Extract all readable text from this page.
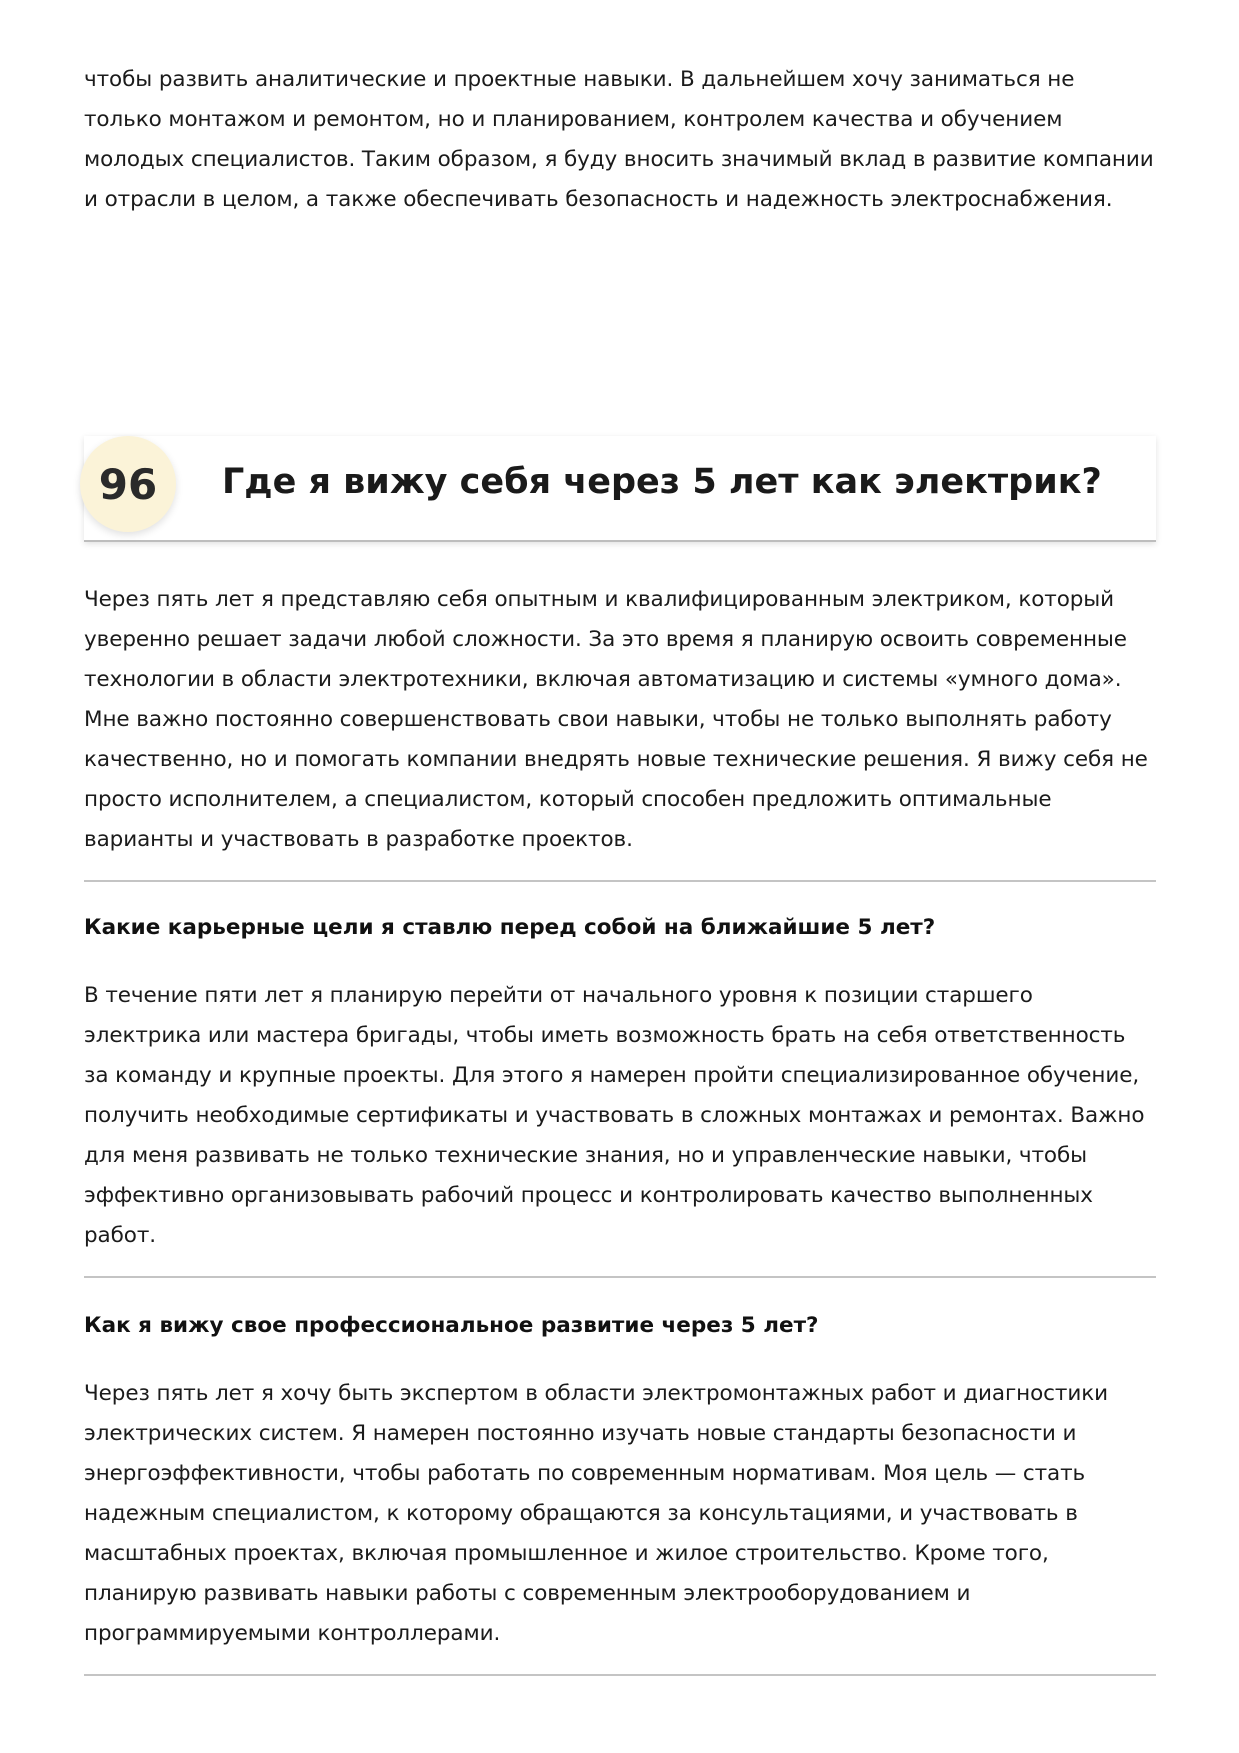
чтобы развить аналитические и проектные навыки. В дальнейшем хочу заниматься не только монтажом и ремонтом, но и планированием, контролем качества и обучением молодых специалистов. Таким образом, я буду вносить значимый вклад в развитие компании и отрасли в целом, а также обеспечивать безопасность и надежность электроснабжения.

96	Где я вижу себя через 5 лет как электрик?

Через пять лет я представляю себя опытным и квалифицированным электриком, который уверенно решает задачи любой сложности. За это время я планирую освоить современные технологии в области электротехники, включая автоматизацию и системы «умного дома». Мне важно постоянно совершенствовать свои навыки, чтобы не только выполнять работу качественно, но и помогать компании внедрять новые технические решения. Я вижу себя не просто исполнителем, а специалистом, который способен предложить оптимальные варианты и участвовать в разработке проектов.

Какие карьерные цели я ставлю перед собой на ближайшие 5 лет?

В течение пяти лет я планирую перейти от начального уровня к позиции старшего электрика или мастера бригады, чтобы иметь возможность брать на себя ответственность за команду и крупные проекты. Для этого я намерен пройти специализированное обучение, получить необходимые сертификаты и участвовать в сложных монтажах и ремонтах. Важно для меня развивать не только технические знания, но и управленческие навыки, чтобы эффективно организовывать рабочий процесс и контролировать качество выполненных работ.

Как я вижу свое профессиональное развитие через 5 лет?

Через пять лет я хочу быть экспертом в области электромонтажных работ и диагностики электрических систем. Я намерен постоянно изучать новые стандарты безопасности и энергоэффективности, чтобы работать по современным нормативам. Моя цель — стать надежным специалистом, к которому обращаются за консультациями, и участвовать в масштабных проектах, включая промышленное и жилое строительство. Кроме того, планирую развивать навыки работы с современным электрооборудованием и программируемыми контроллерами.
